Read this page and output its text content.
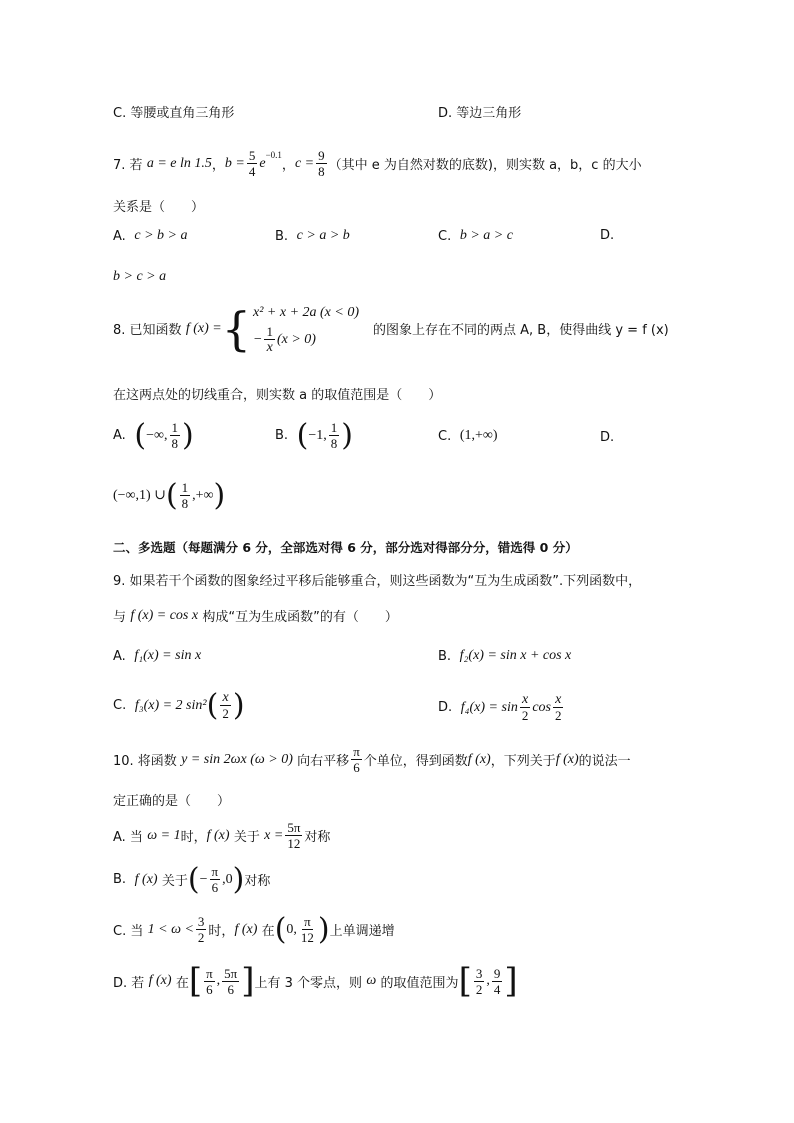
C. 等腰或直角三角形	D. 等边三角形
7. 若
a = e ln 1.5 ， $b = \frac{5}{4}$ e
$^{-0.1}$
， $c = \frac{9}{8}$ （其中 e 为自然对数的底数)，则实数 a，b，c 的大小
关系是（　　）
A.
c > b > a	B.
c > a > b	C.
b > a > c	D.
b > c > a
8. 已知函数
f (x) = { x² + x + 2a (x < 0)
− $\frac{1}{x} (x > 0)$
的图象上存在不同的两点 A, B，使得曲线 y = f (x)
在这两点处的切线重合，则实数 a 的取值范围是（　　）
A.
( −∞, $\frac{1}{8}$ )	B.
( −1, $\frac{1}{8}$ )	C.
(1,+∞)	D.
(−∞,1) ∪ ( $\frac{1}{8}$ ,+∞ )
二、多选题（每题满分 6 分，全部选对得 6 分，部分选对得部分分，错选得 0 分）
9. 如果若干个函数的图象经过平移后能够重合，则这些函数为“互为生成函数”.下列函数中，
与
f (x) = cos x
构成“互为生成函数”的有（　　）
A.
f₁(x) = sin x	B.
f₂(x) = sin x + cos x
C.
f₃(x) = 2 sin² ( $\frac{x}{2}$ )	D.
$f_4(x) = \sin \frac{x}{2}$ $\cos \frac{x}{2}$
10. 将函数
y = sin 2ωx (ω > 0)
向右平移 $\frac{\pi}{6}$ 个单位，得到函数 f (x) ，下列关于 f (x) 的说法一
定正确的是（　　）
A. 当
ω = 1 时， f (x)
关于
$x = \frac{5\pi}{12}$ 对称
B.
f (x)
关于 ( − $\frac{\pi}{6} ,0$ ) 对称
C. 当
$1 < \omega < \frac{3}{2}$ 时， f (x)
在 ( 0, $\frac{\pi}{12}$ ) 上单调递增
D. 若
f (x)
在 [ $\frac{\pi}{6}$ , $\frac{5\pi}{6}$ ] 上有 3 个零点，则
ω
的取值范围为 [ $\frac{3}{2}$ , $\frac{9}{4}$ ]
